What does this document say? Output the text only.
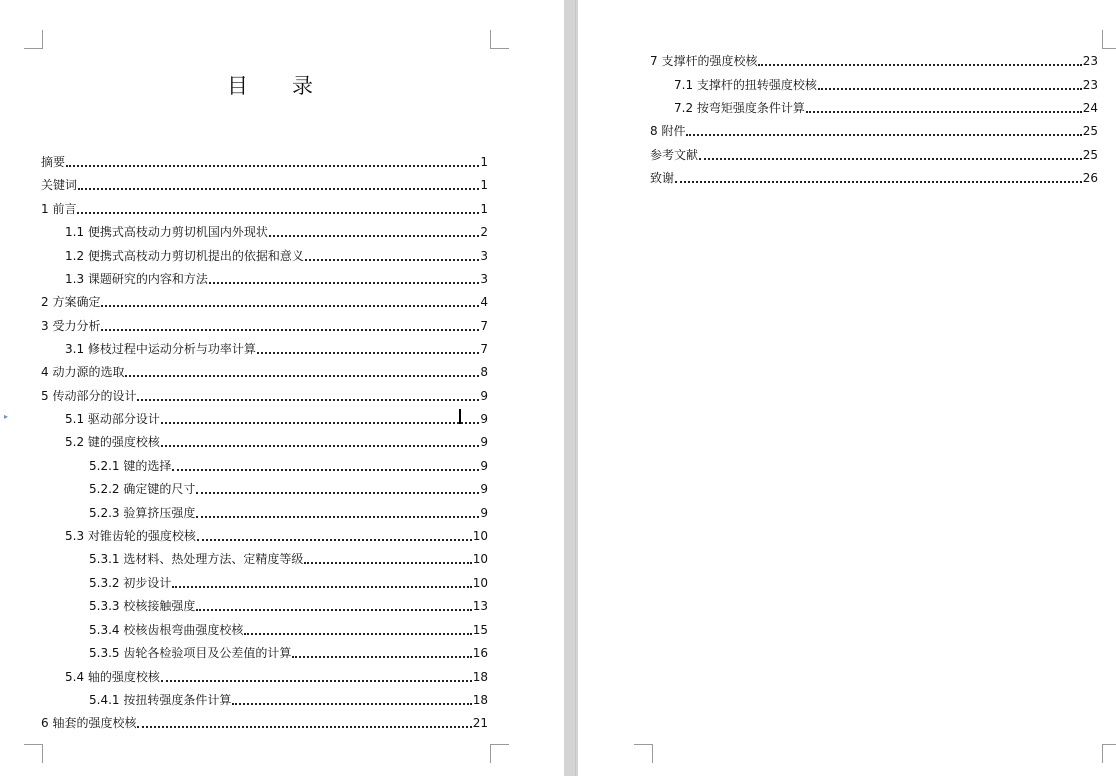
目 录
摘要	1
关键词	1
1 前言	1
1.1 便携式高枝动力剪切机国内外现状	2
1.2 便携式高枝动力剪切机提出的依据和意义	3
1.3 课题研究的内容和方法	3
2 方案确定	4
3 受力分析	7
3.1 修枝过程中运动分析与功率计算	7
4 动力源的选取	8
5 传动部分的设计	9
5.1 驱动部分设计	9
5.2 键的强度校核	9
5.2.1 键的选择	9
5.2.2 确定键的尺寸	9
5.2.3 验算挤压强度	9
5.3 对锥齿轮的强度校核	10
5.3.1 选材料、热处理方法、定精度等级	10
5.3.2 初步设计	10
5.3.3 校核接触强度	13
5.3.4 校核齿根弯曲强度校核	15
5.3.5 齿轮各检验项目及公差值的计算	16
5.4 轴的强度校核	18
5.4.1 按扭转强度条件计算	18
6 轴套的强度校核	21
▸
7 支撑杆的强度校核	23
7.1 支撑杆的扭转强度校核	23
7.2 按弯矩强度条件计算	24
8 附件	25
参考文献	25
致谢	26
